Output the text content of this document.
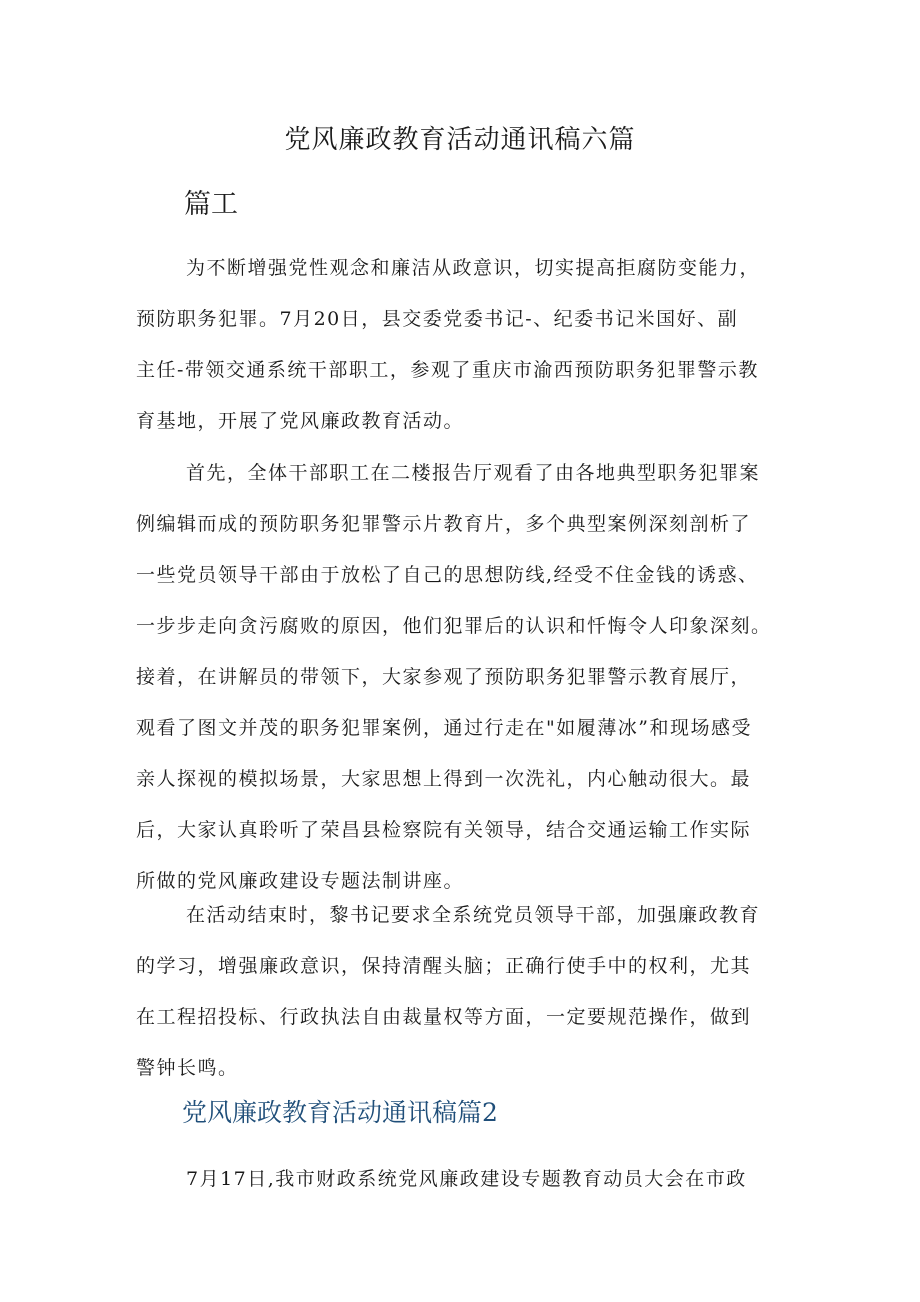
党风廉政教育活动通讯稿六篇
篇工

为不断增强党性观念和廉洁从政意识，切实提高拒腐防变能力，
预防职务犯罪。7月20日，县交委党委书记-、纪委书记米国好、副
主任-带领交通系统干部职工，参观了重庆市渝西预防职务犯罪警示教
育基地，开展了党风廉政教育活动。

首先，全体干部职工在二楼报告厅观看了由各地典型职务犯罪案
例编辑而成的预防职务犯罪警示片教育片，多个典型案例深刻剖析了
一些党员领导干部由于放松了自己的思想防线,经受不住金钱的诱惑、
一步步走向贪污腐败的原因，他们犯罪后的认识和忏悔令人印象深刻。
接着，在讲解员的带领下，大家参观了预防职务犯罪警示教育展厅，
观看了图文并茂的职务犯罪案例，通过行走在"如履薄冰”和现场感受
亲人探视的模拟场景，大家思想上得到一次洗礼，内心触动很大。最
后，大家认真聆听了荣昌县检察院有关领导，结合交通运输工作实际
所做的党风廉政建设专题法制讲座。

在活动结束时，黎书记要求全系统党员领导干部，加强廉政教育
的学习，增强廉政意识，保持清醒头脑；正确行使手中的权利，尤其
在工程招投标、行政执法自由裁量权等方面，一定要规范操作，做到
警钟长鸣。

党风廉政教育活动通讯稿篇2

7月17日,我市财政系统党风廉政建设专题教育动员大会在市政
